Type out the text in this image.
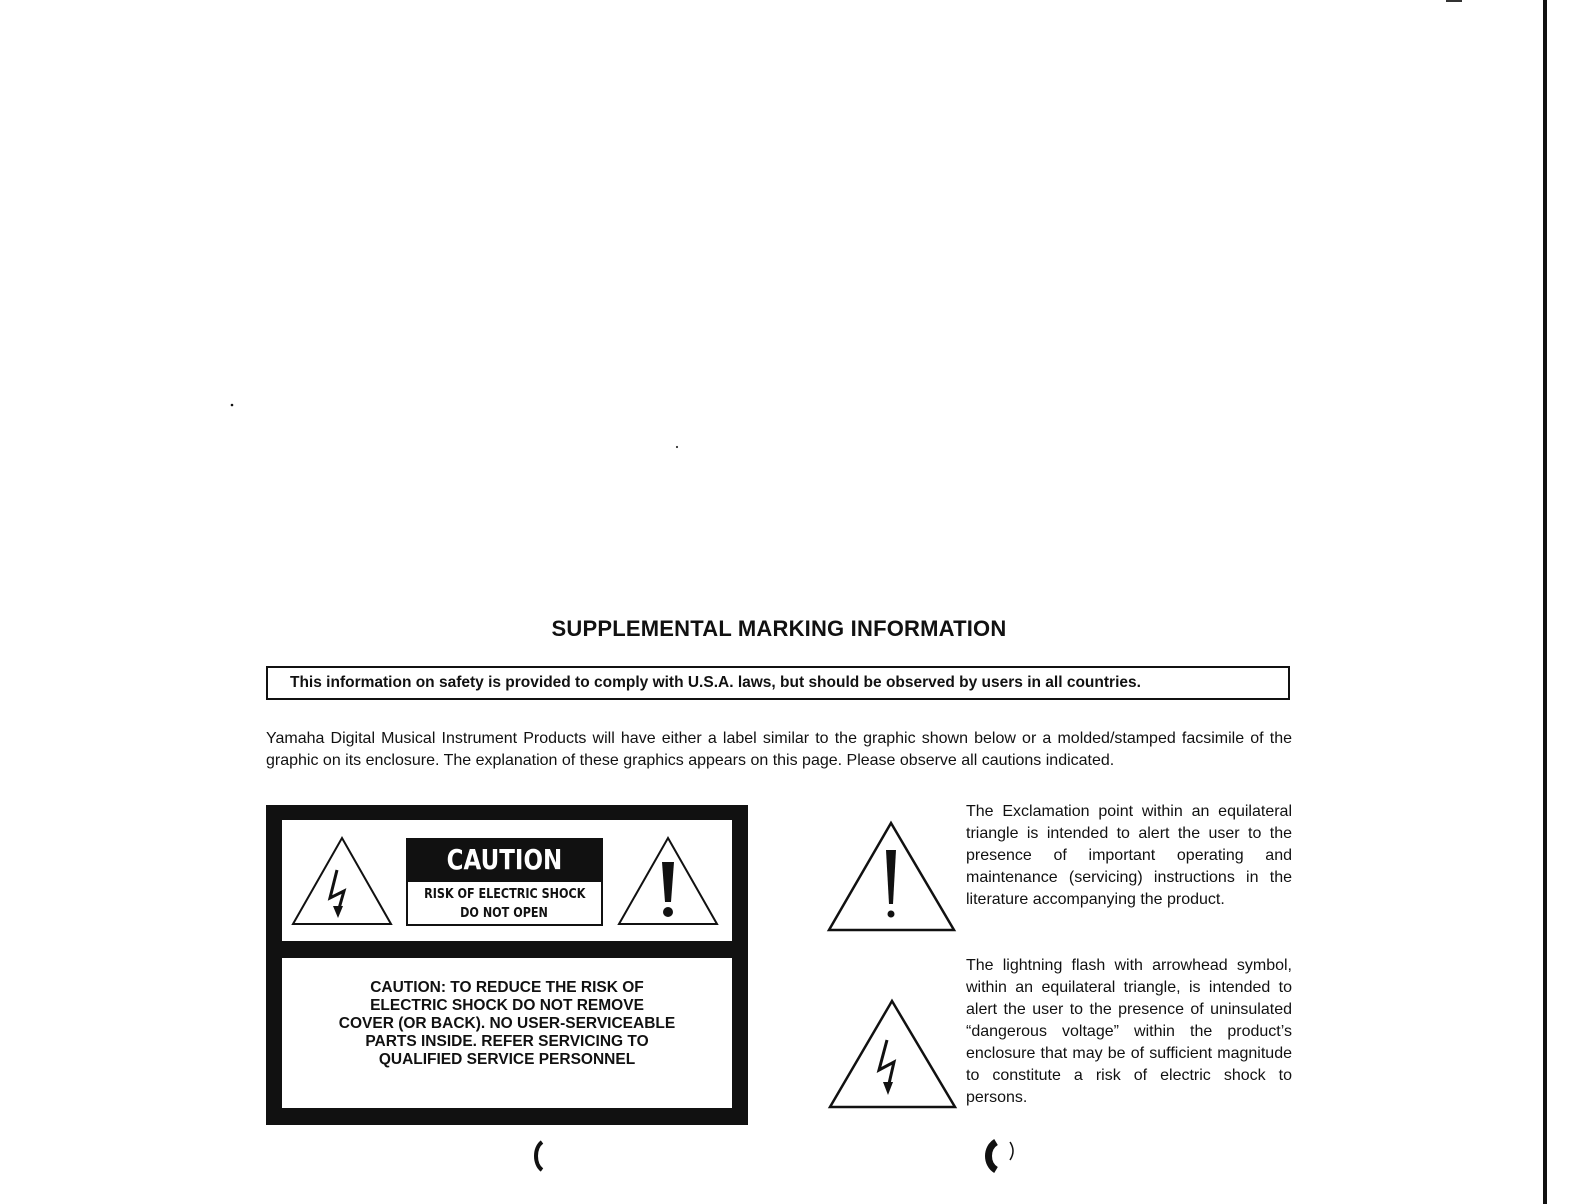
SUPPLEMENTAL MARKING INFORMATION
This information on safety is provided to comply with U.S.A. laws, but should be observed by users in all countries.
Yamaha Digital Musical Instrument Products will have either a label similar to the graphic shown below or a molded/stamped facsimile of the graphic on its enclosure. The explanation of these graphics appears on this page. Please observe all cautions indicated.
CAUTION
RISK OF ELECTRIC SHOCK
DO NOT OPEN
CAUTION: TO REDUCE THE RISK OF
ELECTRIC SHOCK DO NOT REMOVE
COVER (OR BACK). NO USER-SERVICEABLE
PARTS INSIDE. REFER SERVICING TO
QUALIFIED SERVICE PERSONNEL
The Exclamation point within an equilateral triangle is intended to alert the user to the presence of important operating and maintenance (servicing) instructions in the literature accompanying the product.
The lightning flash with arrowhead symbol, within an equilateral triangle, is intended to alert the user to the presence of uninsulated “dangerous voltage” within the product’s enclosure that may be of sufficient magnitude to constitute a risk of electric shock to persons.
